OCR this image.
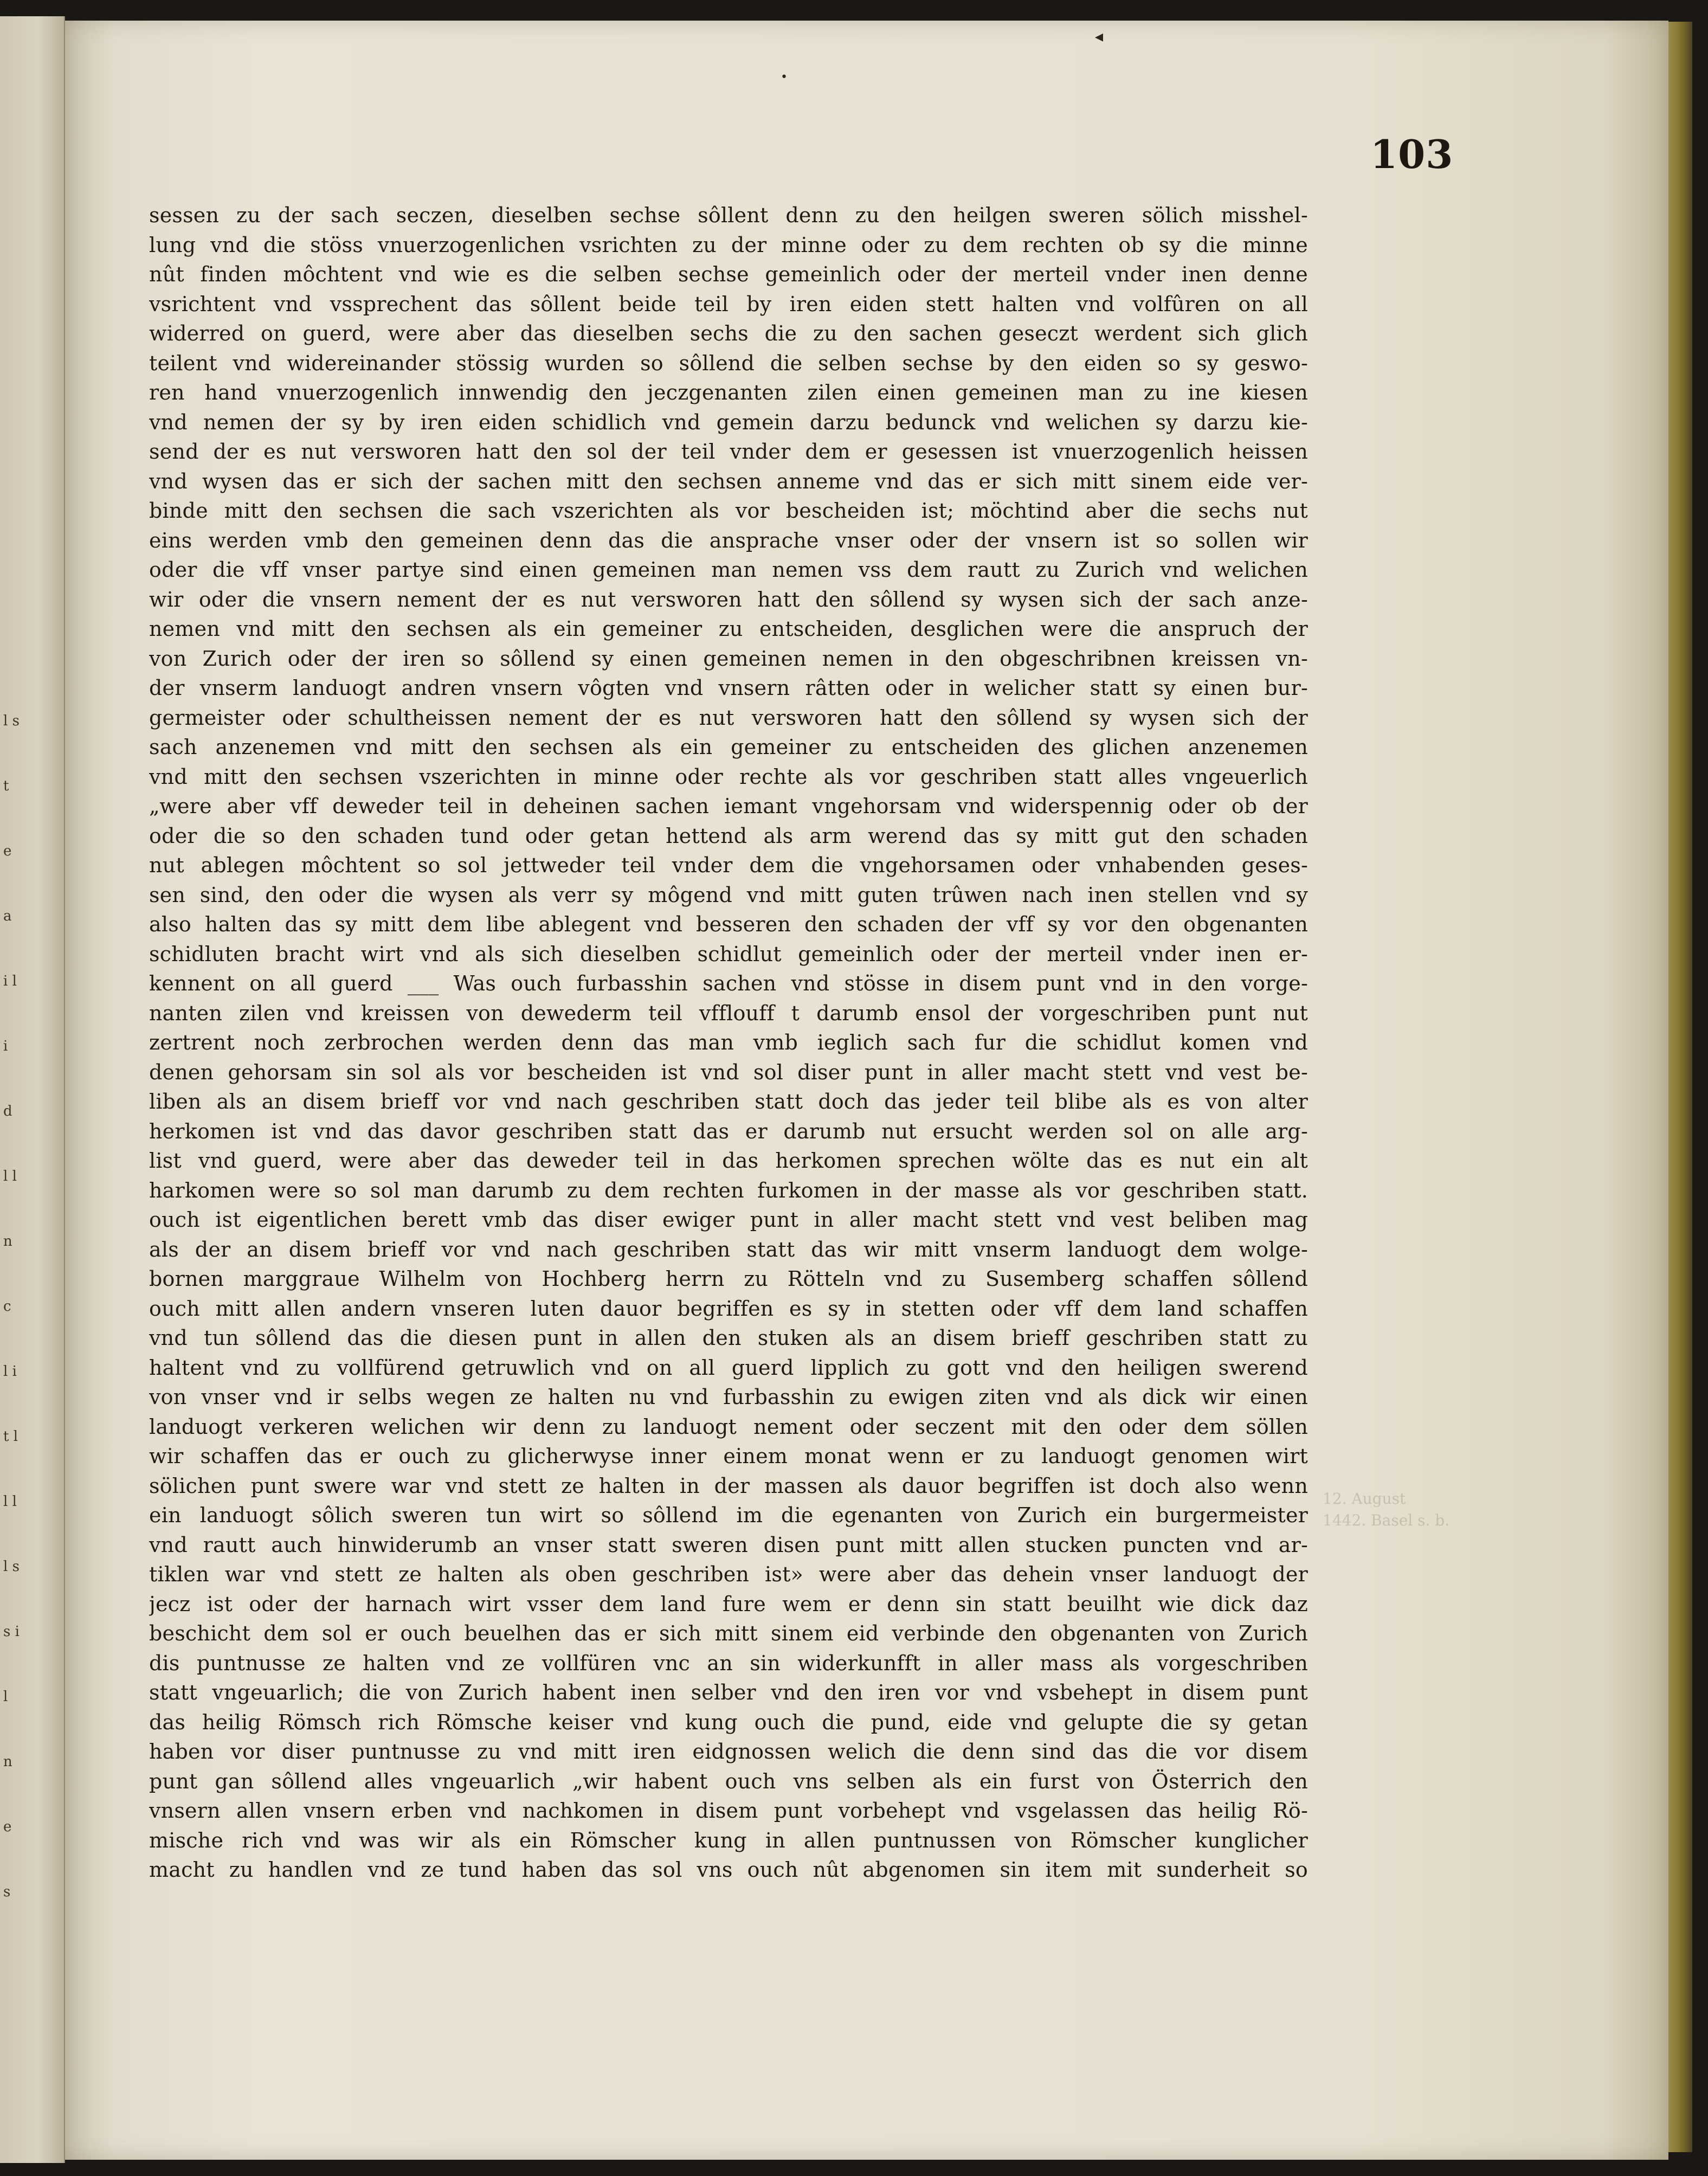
l s t e a i l i d l l n c l i t l l l l s s i l n e s
◂
•
103
12. August 1442. Basel s. b.
sessen zu der sach seczen, dieselben sechse sôllent denn zu den heilgen sweren sölich misshel-
lung vnd die stöss vnuerzogenlichen vsrichten zu der minne oder zu dem rechten ob sy die minne
nût finden môchtent vnd wie es die selben sechse gemeinlich oder der merteil vnder inen denne
vsrichtent vnd vssprechent das sôllent beide teil by iren eiden stett halten vnd volfûren on all
widerred on guerd, were aber das dieselben sechs die zu den sachen geseczt werdent sich glich
teilent vnd widereinander stössig wurden so sôllend die selben sechse by den eiden so sy geswo-
ren hand vnuerzogenlich innwendig den jeczgenanten zilen einen gemeinen man zu ine kiesen
vnd nemen der sy by iren eiden schidlich vnd gemein darzu bedunck vnd welichen sy darzu kie-
send der es nut versworen hatt den sol der teil vnder dem er gesessen ist vnuerzogenlich heissen
vnd wysen das er sich der sachen mitt den sechsen anneme vnd das er sich mitt sinem eide ver-
binde mitt den sechsen die sach vszerichten als vor bescheiden ist; möchtind aber die sechs nut
eins werden vmb den gemeinen denn das die ansprache vnser oder der vnsern ist so sollen wir
oder die vff vnser partye sind einen gemeinen man nemen vss dem rautt zu Zurich vnd welichen
wir oder die vnsern nement der es nut versworen hatt den sôllend sy wysen sich der sach anze-
nemen vnd mitt den sechsen als ein gemeiner zu entscheiden, desglichen were die anspruch der
von Zurich oder der iren so sôllend sy einen gemeinen nemen in den obgeschribnen kreissen vn-
der vnserm landuogt andren vnsern vôgten vnd vnsern râtten oder in welicher statt sy einen bur-
germeister oder schultheissen nement der es nut versworen hatt den sôllend sy wysen sich der
sach anzenemen vnd mitt den sechsen als ein gemeiner zu entscheiden des glichen anzenemen
vnd mitt den sechsen vszerichten in minne oder rechte als vor geschriben statt alles vngeuerlich
„were aber vff deweder teil in deheinen sachen iemant vngehorsam vnd widerspennig oder ob der
oder die so den schaden tund oder getan hettend als arm werend das sy mitt gut den schaden
nut ablegen môchtent so sol jettweder teil vnder dem die vngehorsamen oder vnhabenden geses-
sen sind, den oder die wysen als verr sy môgend vnd mitt guten trûwen nach inen stellen vnd sy
also halten das sy mitt dem libe ablegent vnd besseren den schaden der vff sy vor den obgenanten
schidluten bracht wirt vnd als sich dieselben schidlut gemeinlich oder der merteil vnder inen er-
kennent on all guerd ___ Was ouch furbasshin sachen vnd stösse in disem punt vnd in den vorge-
nanten zilen vnd kreissen von dewederm teil vfflouff t darumb ensol der vorgeschriben punt nut
zertrent noch zerbrochen werden denn das man vmb ieglich sach fur die schidlut komen vnd
denen gehorsam sin sol als vor bescheiden ist vnd sol diser punt in aller macht stett vnd vest be-
liben als an disem brieff vor vnd nach geschriben statt doch das jeder teil blibe als es von alter
herkomen ist vnd das davor geschriben statt das er darumb nut ersucht werden sol on alle arg-
list vnd guerd, were aber das deweder teil in das herkomen sprechen wölte das es nut ein alt
harkomen were so sol man darumb zu dem rechten furkomen in der masse als vor geschriben statt.
ouch ist eigentlichen berett vmb das diser ewiger punt in aller macht stett vnd vest beliben mag
als der an disem brieff vor vnd nach geschriben statt das wir mitt vnserm landuogt dem wolge-
bornen marggraue Wilhelm von Hochberg herrn zu Rötteln vnd zu Susemberg schaffen sôllend
ouch mitt allen andern vnseren luten dauor begriffen es sy in stetten oder vff dem land schaffen
vnd tun sôllend das die diesen punt in allen den stuken als an disem brieff geschriben statt zu
haltent vnd zu vollfürend getruwlich vnd on all guerd lipplich zu gott vnd den heiligen swerend
von vnser vnd ir selbs wegen ze halten nu vnd furbasshin zu ewigen ziten vnd als dick wir einen
landuogt verkeren welichen wir denn zu landuogt nement oder seczent mit den oder dem söllen
wir schaffen das er ouch zu glicherwyse inner einem monat wenn er zu landuogt genomen wirt
sölichen punt swere war vnd stett ze halten in der massen als dauor begriffen ist doch also wenn
ein landuogt sôlich sweren tun wirt so sôllend im die egenanten von Zurich ein burgermeister
vnd rautt auch hinwiderumb an vnser statt sweren disen punt mitt allen stucken puncten vnd ar-
tiklen war vnd stett ze halten als oben geschriben ist» were aber das dehein vnser landuogt der
jecz ist oder der harnach wirt vsser dem land fure wem er denn sin statt beuilht wie dick daz
beschicht dem sol er ouch beuelhen das er sich mitt sinem eid verbinde den obgenanten von Zurich
dis puntnusse ze halten vnd ze vollfüren vnc an sin widerkunfft in aller mass als vorgeschriben
statt vngeuarlich; die von Zurich habent inen selber vnd den iren vor vnd vsbehept in disem punt
das heilig Römsch rich Römsche keiser vnd kung ouch die pund, eide vnd gelupte die sy getan
haben vor diser puntnusse zu vnd mitt iren eidgnossen welich die denn sind das die vor disem
punt gan sôllend alles vngeuarlich „wir habent ouch vns selben als ein furst von Österrich den
vnsern allen vnsern erben vnd nachkomen in disem punt vorbehept vnd vsgelassen das heilig Rö-
mische rich vnd was wir als ein Römscher kung in allen puntnussen von Römscher kunglicher
macht zu handlen vnd ze tund haben das sol vns ouch nût abgenomen sin item mit sunderheit so
